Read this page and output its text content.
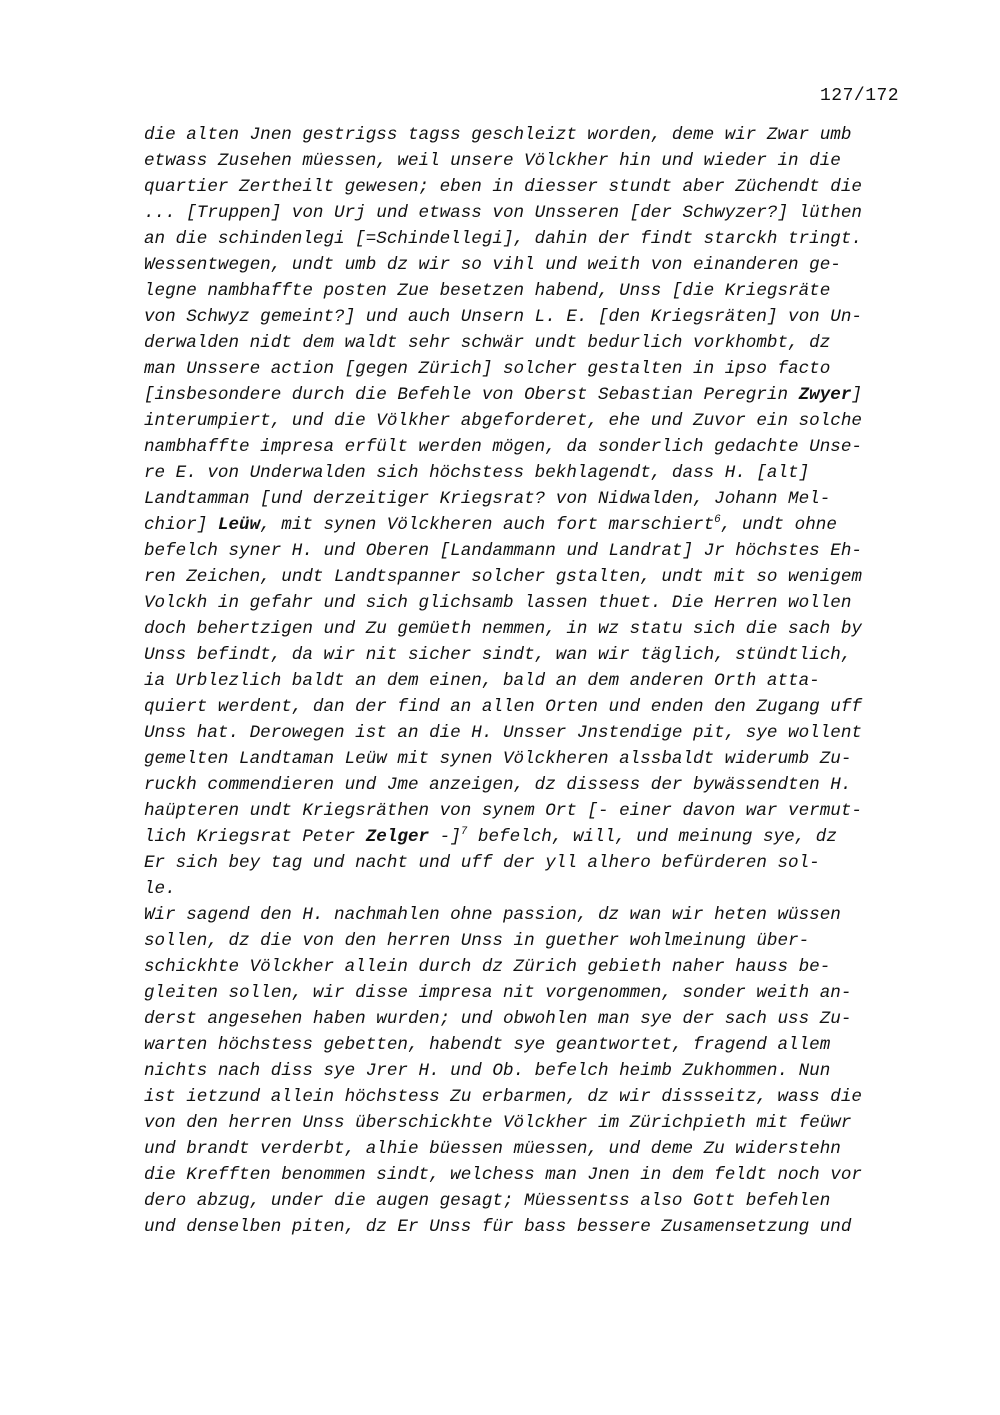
127/172
die alten Jnen gestrigss tagss geschleizt worden, deme wir Zwar umb
etwass Zusehen müessen, weil unsere Völckher hin und wieder in die
quartier Zertheilt gewesen; eben in diesser stundt aber Züchendt die
... [Truppen] von Urj und etwass von Unsseren [der Schwyzer?] lüthen
an die schindenlegi [=Schindellegi], dahin der findt starckh tringt.
Wessentwegen, undt umb dz wir so vihl und weith von einanderen ge-
legne nambhaffte posten Zue besetzen habend, Unss [die Kriegsräte
von Schwyz gemeint?] und auch Unsern L. E. [den Kriegsräten] von Un-
derwalden nidt dem waldt sehr schwär undt bedurlich vorkhombt, dz
man Unssere action [gegen Zürich] solcher gestalten in ipso facto
[insbesondere durch die Befehle von Oberst Sebastian Peregrin Zwyer]
interumpiert, und die Völkher abgeforderet, ehe und Zuvor ein solche
nambhaffte impresa erfült werden mögen, da sonderlich gedachte Unse-
re E. von Underwalden sich höchstess bekhlagendt, dass H. [alt]
Landtamman [und derzeitiger Kriegsrat? von Nidwalden, Johann Mel-
chior] Leüw, mit synen Völckheren auch fort marschiert$^6$, undt ohne
befelch syner H. und Oberen [Landammann und Landrat] Jr höchstes Eh-
ren Zeichen, undt Landtspanner solcher gstalten, undt mit so wenigem
Volckh in gefahr und sich glichsamb lassen thuet. Die Herren wollen
doch behertzigen und Zu gemüeth nemmen, in wz statu sich die sach by
Unss befindt, da wir nit sicher sindt, wan wir täglich, stündtlich,
ia Urblezlich baldt an dem einen, bald an dem anderen Orth atta-
quiert werdent, dan der find an allen Orten und enden den Zugang uff
Unss hat. Derowegen ist an die H. Unsser Jnstendige pit, sye wollent
gemelten Landtaman Leüw mit synen Völckheren alssbaldt widerumb Zu-
ruckh commendieren und Jme anzeigen, dz dissess der bywässendten H.
haüpteren undt Kriegsräthen von synem Ort [- einer davon war vermut-
lich Kriegsrat Peter Zelger -]$^7$ befelch, will, und meinung sye, dz
Er sich bey tag und nacht und uff der yll alhero befürderen sol-
le.
Wir sagend den H. nachmahlen ohne passion, dz wan wir heten wüssen
sollen, dz die von den herren Unss in guether wohlmeinung über-
schickhte Völckher allein durch dz Zürich gebieth naher hauss be-
gleiten sollen, wir disse impresa nit vorgenommen, sonder weith an-
derst angesehen haben wurden; und obwohlen man sye der sach uss Zu-
warten höchstess gebetten, habendt sye geantwortet, fragend allem
nichts nach diss sye Jrer H. und Ob. befelch heimb Zukhommen. Nun
ist ietzund allein höchstess Zu erbarmen, dz wir dissseitz, wass die
von den herren Unss überschickhte Völckher im Zürichpieth mit feüwr
und brandt verderbt, alhie büessen müessen, und deme Zu widerstehn
die Krefften benommen sindt, welchess man Jnen in dem feldt noch vor
dero abzug, under die augen gesagt; Müessentss also Gott befehlen
und denselben piten, dz Er Unss für bass bessere Zusamensetzung und
